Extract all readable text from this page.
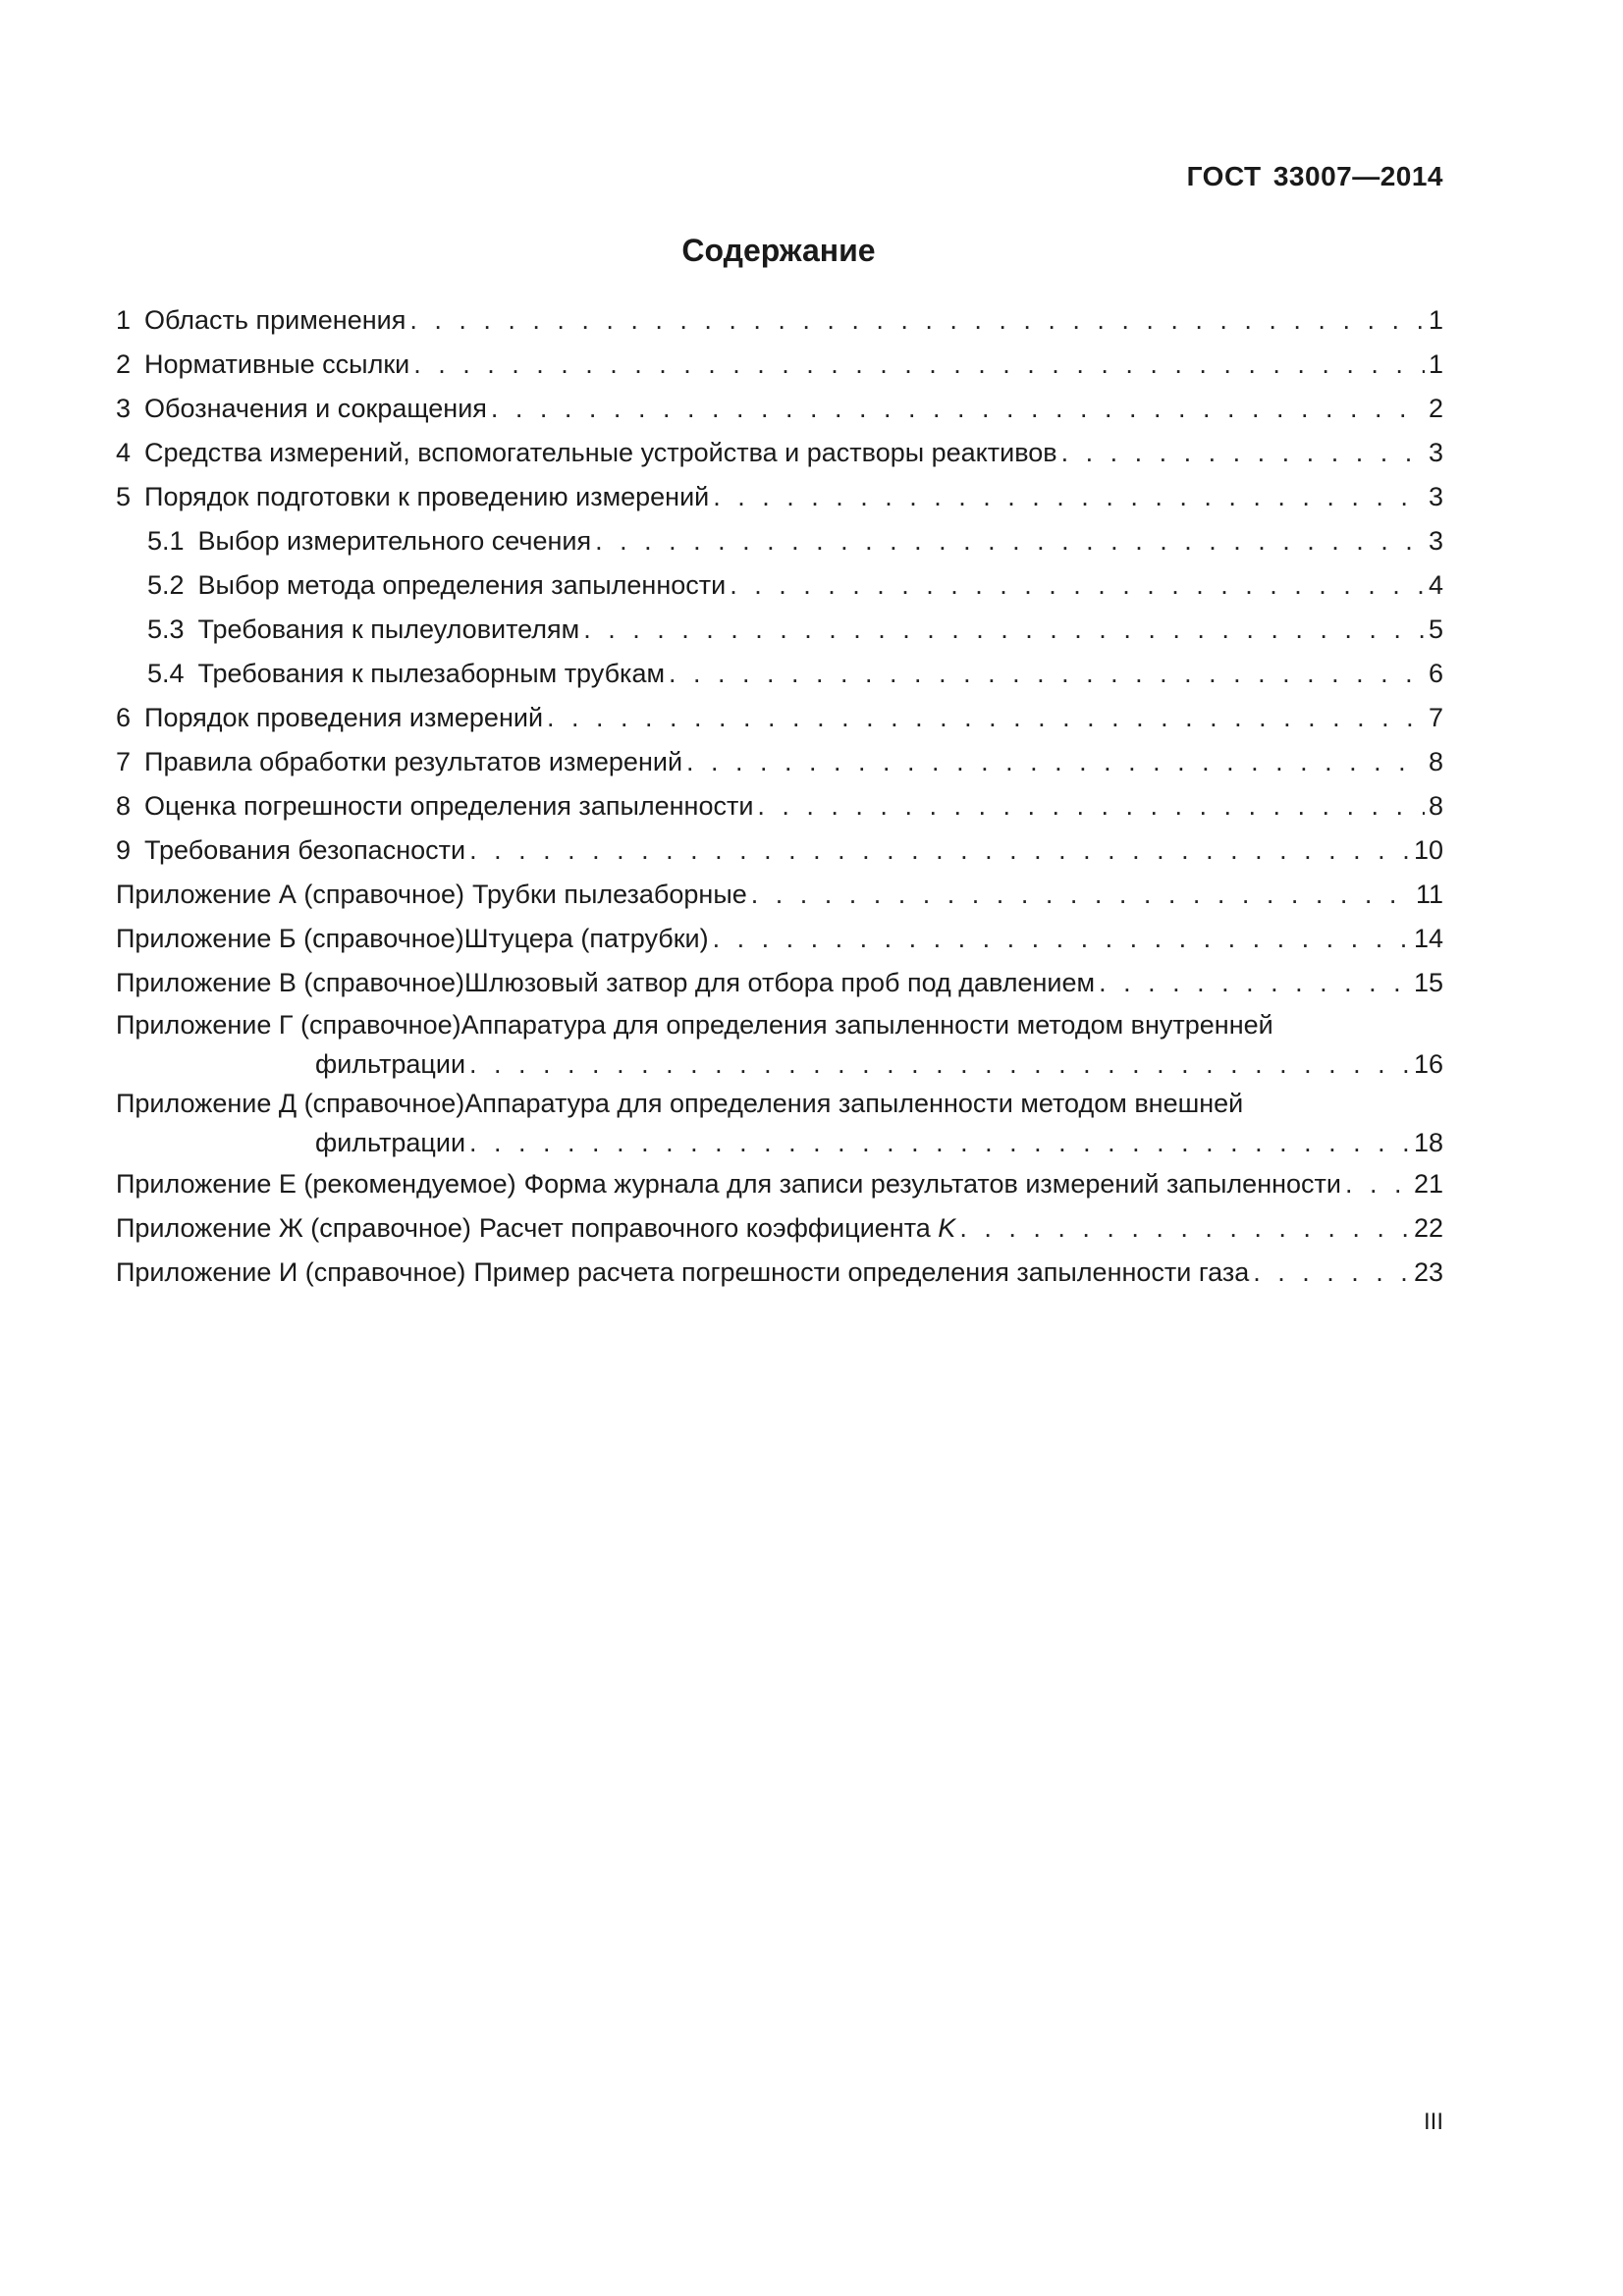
ГОСТ 33007—2014
Содержание
1 Область применения . . .	1
2 Нормативные ссылки . . .	1
3 Обозначения и сокращения . . .	2
4 Средства измерений, вспомогательные устройства и растворы реактивов . . .	3
5 Порядок подготовки к проведению измерений . . .	3
5.1 Выбор измерительного сечения . . .	3
5.2 Выбор метода определения запыленности . . .	4
5.3 Требования к пылеуловителям . . .	5
5.4 Требования к пылезаборным трубкам . . .	6
6 Порядок проведения измерений . . .	7
7 Правила обработки результатов измерений . . .	8
8 Оценка погрешности определения запыленности . . .	8
9 Требования безопасности . . .	10
Приложение А (справочное) Трубки пылезаборные . . .	11
Приложение Б (справочное) Штуцера (патрубки) . . .	14
Приложение В (справочное) Шлюзовый затвор для отбора проб под давлением . . .	15
Приложение Г (справочное) Аппаратура для определения запыленности методом внутренней
фильтрации . . .	16
Приложение Д (справочное) Аппаратура для определения запыленности методом внешней
фильтрации . . .	18
Приложение Е (рекомендуемое) Форма журнала для записи результатов измерений запыленности . . .	21
Приложение Ж (справочное) Расчет поправочного коэффициента K . . .	22
Приложение И (справочное) Пример расчета погрешности определения запыленности газа . . .	23
III
